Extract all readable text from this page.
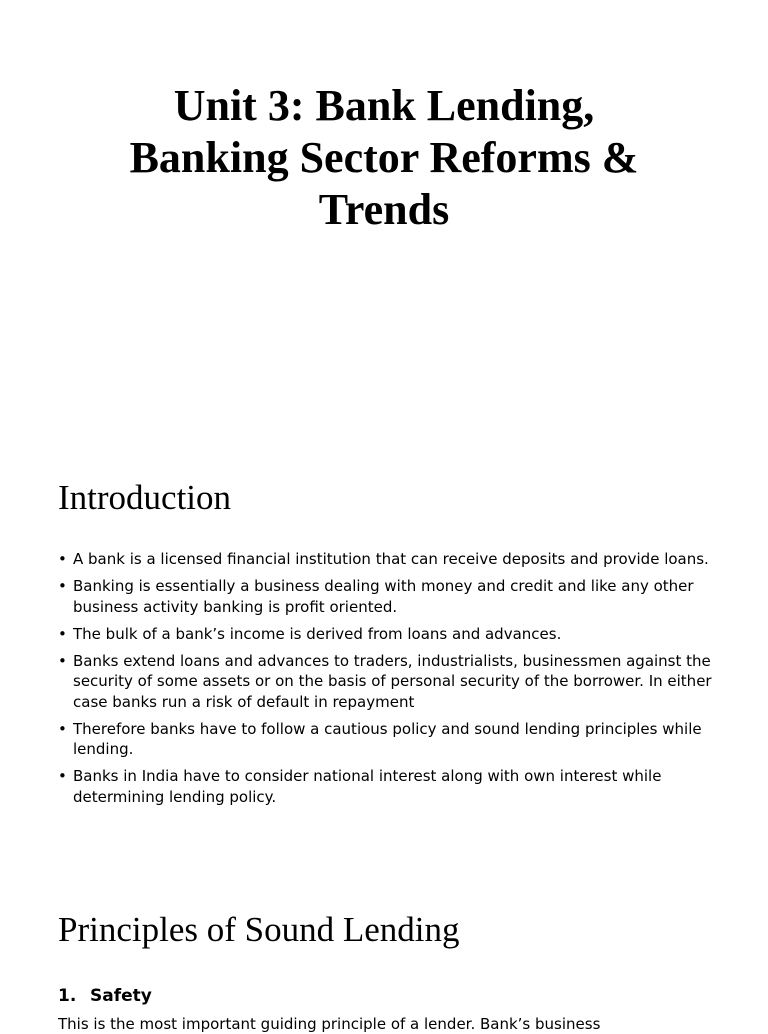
Unit 3: Bank Lending,
Banking Sector Reforms &
Trends
Introduction
• A bank is a licensed financial institution that can receive deposits and provide loans.
• Banking is essentially a business dealing with money and credit and like any other business activity banking is profit oriented.
• The bulk of a bank’s income is derived from loans and advances.
• Banks extend loans and advances to traders, industrialists, businessmen against the security of some assets or on the basis of personal security of the borrower. In either case banks run a risk of default in repayment
• Therefore banks have to follow a cautious policy and sound lending principles while lending.
• Banks in India have to consider national interest along with own interest while determining lending policy.
Principles of Sound Lending

1. Safety

This is the most important guiding principle of a lender. Bank’s business
